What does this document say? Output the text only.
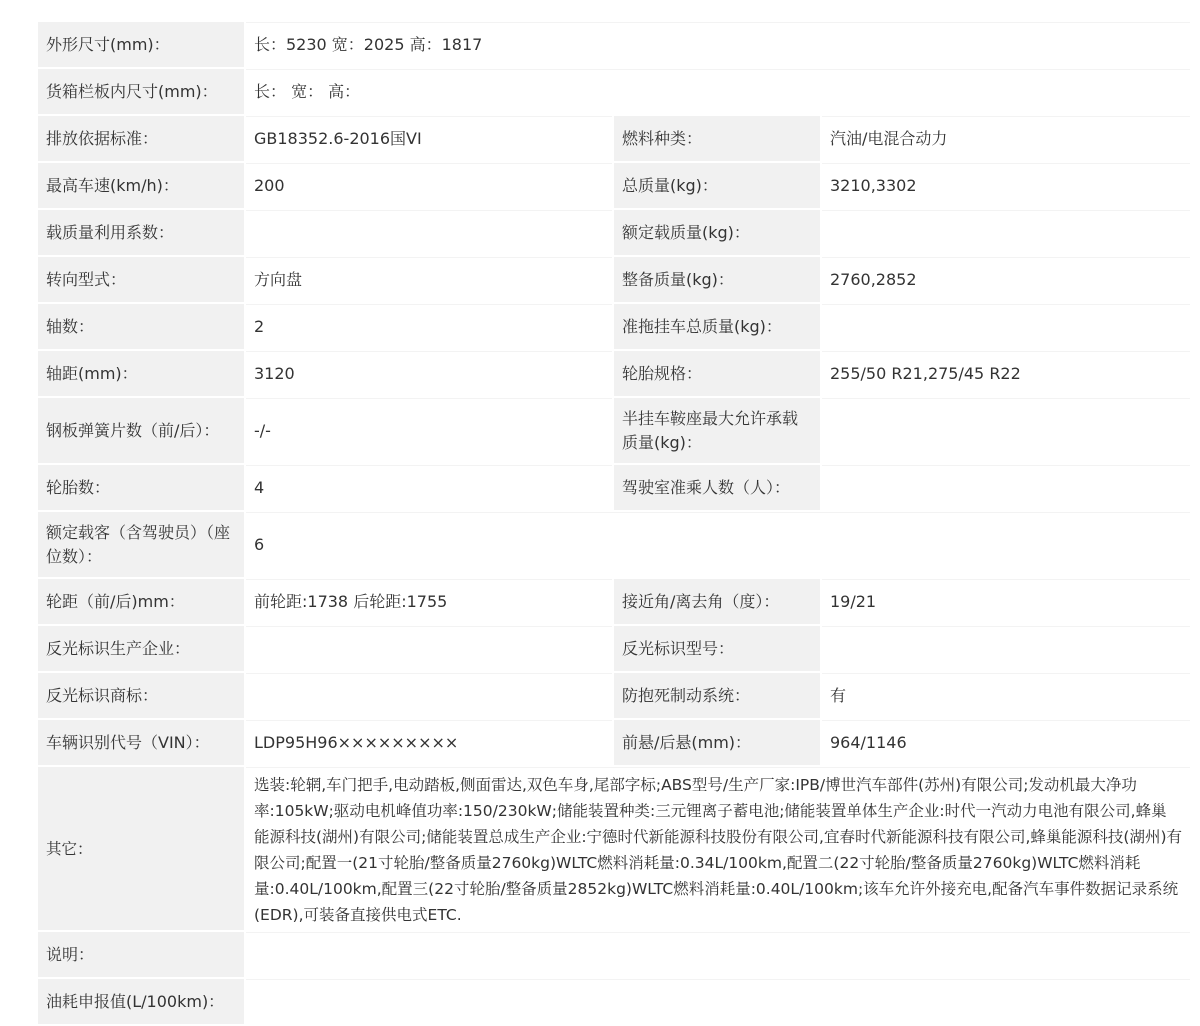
外形尺寸(mm)：	长：5230 宽：2025 高：1817		
货箱栏板内尺寸(mm)：	长： 宽： 高：		
排放依据标准：	GB18352.6-2016国VI	燃料种类：	汽油/电混合动力
最高车速(km/h)：	200	总质量(kg)：	3210,3302
载质量利用系数：		额定载质量(kg)：	
转向型式：	方向盘	整备质量(kg)：	2760,2852
轴数：	2	准拖挂车总质量(kg)：	
轴距(mm)：	3120	轮胎规格：	255/50 R21,275/45 R22
钢板弹簧片数（前/后）：	-/-	半挂车鞍座最大允许承载质量(kg)：	
轮胎数：	4	驾驶室准乘人数（人）：	
额定载客（含驾驶员）（座位数）：	6		
轮距（前/后)mm：	前轮距:1738 后轮距:1755	接近角/离去角（度）：	19/21
反光标识生产企业：		反光标识型号：	
反光标识商标：		防抱死制动系统：	有
车辆识别代号（VIN）：	LDP95H96×××××××××	前悬/后悬(mm)：	964/1146
其它：	选装:轮辋,车门把手,电动踏板,侧面雷达,双色车身,尾部字标;ABS型号/生产厂家:IPB/博世汽车部件(苏州)有限公司;发动机最大净功率:105kW;驱动电机峰值功率:150/230kW;储能装置种类:三元锂离子蓄电池;储能装置单体生产企业:时代一汽动力电池有限公司,蜂巢能源科技(湖州)有限公司;储能装置总成生产企业:宁德时代新能源科技股份有限公司,宜春时代新能源科技有限公司,蜂巢能源科技(湖州)有限公司;配置一(21寸轮胎/整备质量2760kg)WLTC燃料消耗量:0.34L/100km,配置二(22寸轮胎/整备质量2760kg)WLTC燃料消耗量:0.40L/100km,配置三(22寸轮胎/整备质量2852kg)WLTC燃料消耗量:0.40L/100km;该车允许外接充电,配备汽车事件数据记录系统(EDR),可装备直接供电式ETC.		
说明：			
油耗申报值(L/100km)：			
